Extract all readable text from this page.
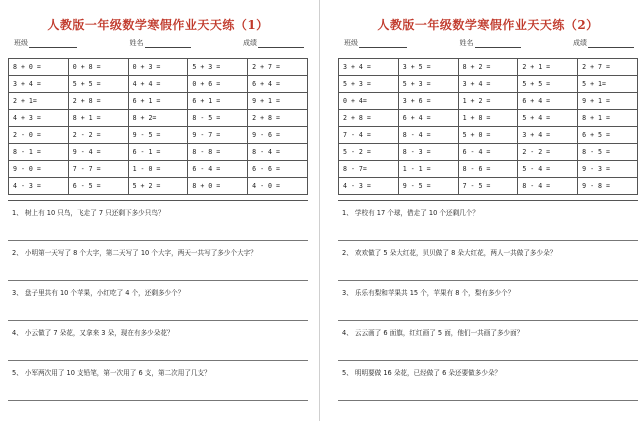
人教版一年级数学寒假作业天天练（1）
班级	姓名	成绩
8 + 0 =	0 + 8 =	0 + 3 =	5 + 3 =	2 + 7 =
3 + 4 =	5 + 5 =	4 + 4 =	0 + 6 =	6 + 4 =
2 + 1=	2 + 8 =	6 + 1 =	6 + 1 =	9 + 1 =
4 + 3 =	8 + 1 =	8 + 2=	8 - 5 =	2 + 8 =
2 - 0 =	2 - 2 =	9 - 5 =	9 - 7 =	9 - 6 =
8 - 1 =	9 - 4 =	6 - 1 =	8 - 8 =	8 - 4 =
9 - 0 =	7 - 7 =	1 - 0 =	6 - 4 =	6 - 6 =
4 - 3 =	6 - 5 =	5 + 2 =	8 + 0 =	4 - 0 =
1、 树上有 10 只鸟，飞走了 7 只还剩下多少只鸟？
2、 小明第一天写了 8 个大字，第二天写了 10 个大字，两天一共写了多少个大字？
3、 盘子里共有 10 个苹果，小红吃了 4 个，还剩多少个？
4、 小云做了 7 朵花，又拿来 3 朵，现在有多少朵花？
5、 小军两次用了 10 支铅笔，第一次用了 6 支，第二次用了几支？
人教版一年级数学寒假作业天天练（2）
班级	姓名	成绩
3 + 4 =	3 + 5 =	8 + 2 =	2 + 1 =	2 + 7 =
5 + 3 =	5 + 3 =	3 + 4 =	5 + 5 =	5 + 1=
0 + 4=	3 + 6 =	1 + 2 =	6 + 4 =	9 + 1 =
2 + 8 =	6 + 4 =	1 + 8 =	5 + 4 =	8 + 1 =
7 - 4 =	8 - 4 =	5 + 0 =	3 + 4 =	6 + 5 =
5 - 2 =	8 - 3 =	6 - 4 =	2 - 2 =	8 - 5 =
8 - 7=	1 - 1 =	8 - 6 =	5 - 4 =	9 - 3 =
4 - 3 =	9 - 5 =	7 - 5 =	8 - 4 =	9 - 8 =
1、 学校有 17 个球，借走了 10 个还剩几个？
2、 欢欢做了 5 朵大红花，贝贝做了 8 朵大红花，两人一共做了多少朵？
3、 乐乐有梨和苹果共 15 个，苹果有 8 个，梨有多少个？
4、 云云画了 6 面旗，红红画了 5 面，他们一共画了多少面？
5、 明明要做 16 朵花，已经做了 6 朵还要做多少朵？
